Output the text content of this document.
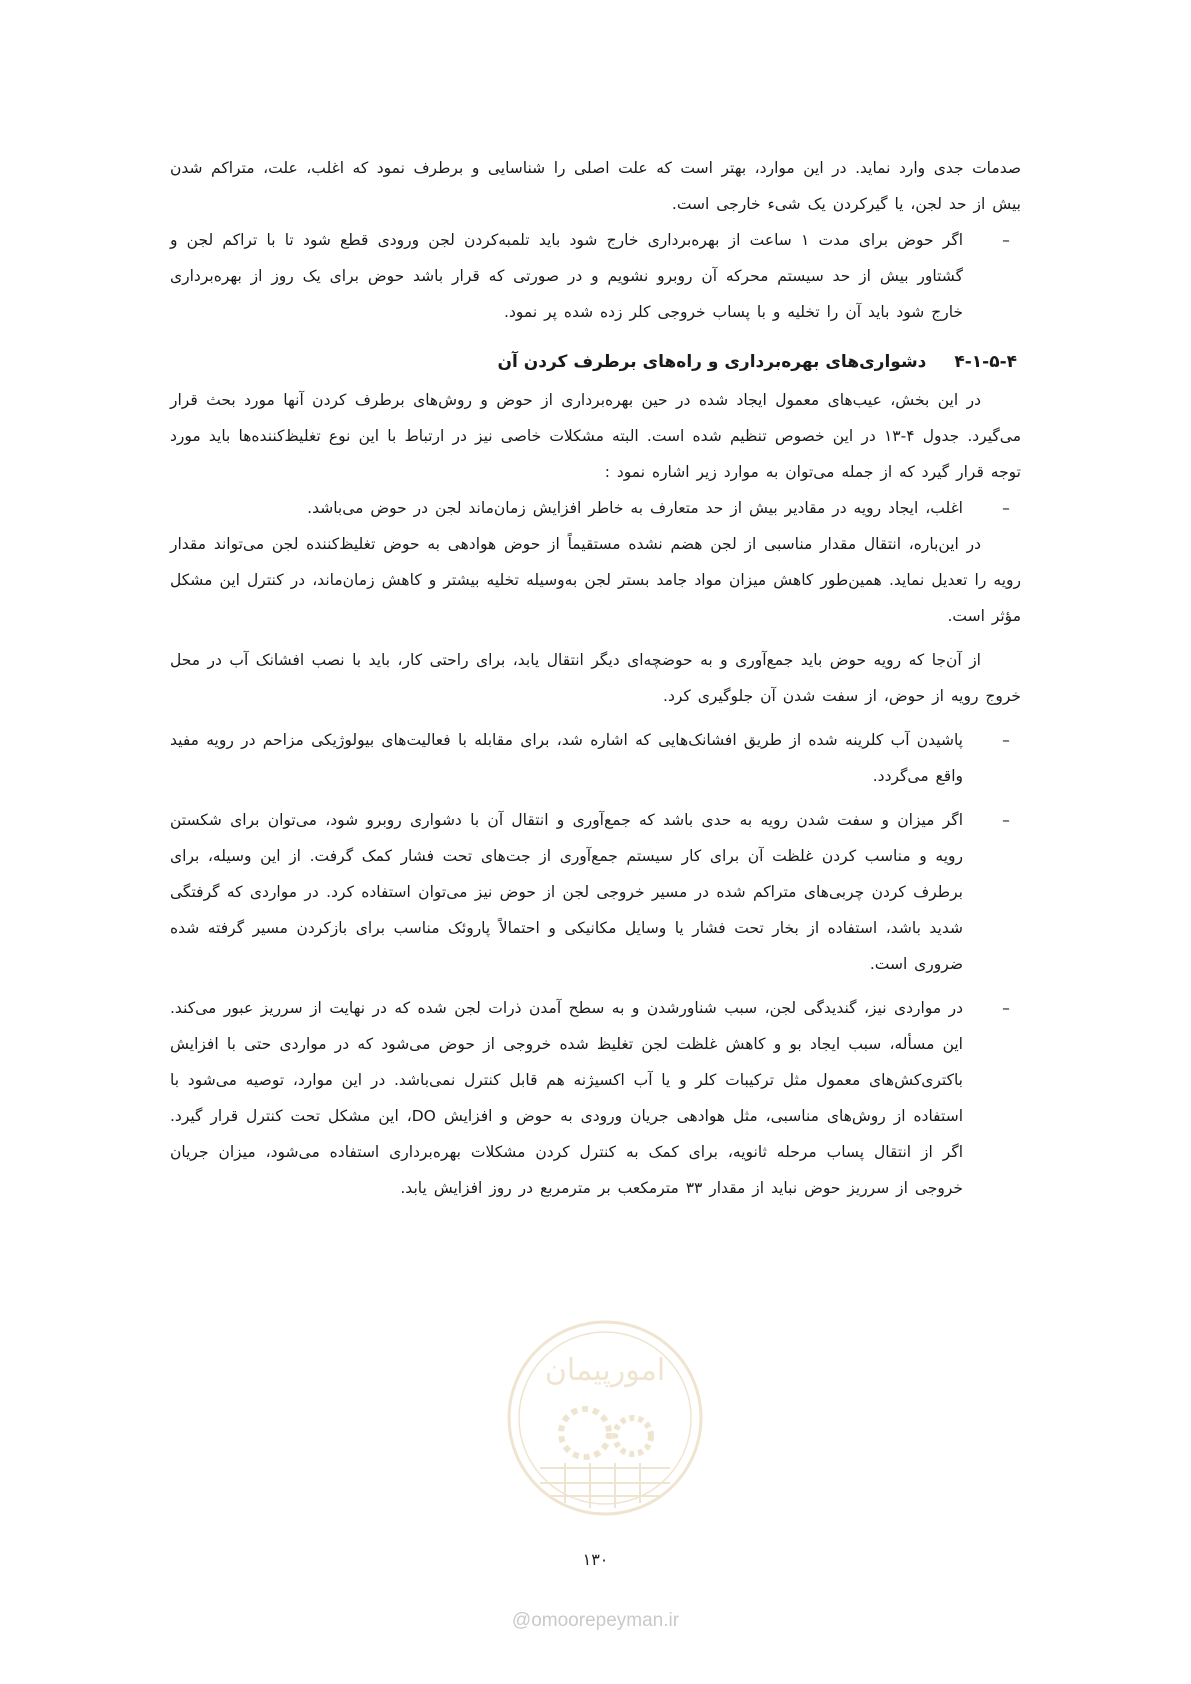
صدمات جدی وارد نماید. در این موارد، بهتر است که علت اصلی را شناسایی و برطرف نمود که اغلب، علت، متراکم شدن بیش از حد لجن، یا گیرکردن یک شیء خارجی است.

–
اگر حوض برای مدت ۱ ساعت از بهره‌برداری خارج شود باید تلمبه‌کردن لجن ورودی قطع شود تا با تراکم لجن و گشتاور بیش از حد سیستم محرکه آن روبرو نشویم و در صورتی که قرار باشد حوض برای یک روز از بهره‌برداری خارج شود باید آن را تخلیه و با پساب خروجی کلر زده شده پر نمود.
۴-۱-۵-۴ دشواری‌های بهره‌برداری و راه‌های برطرف کردن آن

در این بخش، عیب‌های معمول ایجاد شده در حین بهره‌برداری از حوض و روش‌های برطرف کردن آنها مورد بحث قرار می‌گیرد. جدول ۴-۱۳ در این خصوص تنظیم شده است. البته مشکلات خاصی نیز در ارتباط با این نوع تغلیظ‌کننده‌ها باید مورد توجه قرار گیرد که از جمله می‌توان به موارد زیر اشاره نمود :

–
اغلب، ایجاد رویه در مقادیر بیش از حد متعارف به خاطر افزایش زمان‌ماند لجن در حوض می‌باشد.

در این‌باره، انتقال مقدار مناسبی از لجن هضم نشده مستقیماً از حوض هوادهی به حوض تغلیظ‌کننده لجن می‌تواند مقدار رویه را تعدیل نماید. همین‌طور کاهش میزان مواد جامد بستر لجن به‌وسیله تخلیه بیشتر و کاهش زمان‌ماند، در کنترل این مشکل مؤثر است.

از آن‌جا که رویه حوض باید جمع‌آوری و به حوضچه‌ای دیگر انتقال یابد، برای راحتی کار، باید با نصب افشانک آب در محل خروج رویه از حوض، از سفت شدن آن جلوگیری کرد.

–
پاشیدن آب کلرینه شده از طریق افشانک‌هایی که اشاره شد، برای مقابله با فعالیت‌های بیولوژیکی مزاحم در رویه مفید واقع می‌گردد.
–
اگر میزان و سفت شدن رویه به حدی باشد که جمع‌آوری و انتقال آن با دشواری روبرو شود، می‌توان برای شکستن رویه و مناسب کردن غلظت آن برای کار سیستم جمع‌آوری از جت‌های تحت فشار کمک گرفت. از این وسیله، برای برطرف کردن چربی‌های متراکم شده در مسیر خروجی لجن از حوض نیز می‌توان استفاده کرد. در مواردی که گرفتگی شدید باشد، استفاده از بخار تحت فشار یا وسایل مکانیکی و احتمالاً پاروئک مناسب برای بازکردن مسیر گرفته شده ضروری است.
–
در مواردی نیز، گندیدگی لجن، سبب شناورشدن و به سطح آمدن ذرات لجن شده که در نهایت از سرریز عبور می‌کند. این مسأله، سبب ایجاد بو و کاهش غلظت لجن تغلیظ شده خروجی از حوض می‌شود که در مواردی حتی با افزایش باکتری‌کش‌های معمول مثل ترکیبات کلر و یا آب اکسیژنه هم قابل کنترل نمی‌باشد. در این موارد، توصیه می‌شود با استفاده از روش‌های مناسبی، مثل هوادهی جریان ورودی به حوض و افزایش DO، این مشکل تحت کنترل قرار گیرد. اگر از انتقال پساب مرحله ثانویه، برای کمک به کنترل کردن مشکلات بهره‌برداری استفاده می‌شود، میزان جریان خروجی از سرریز حوض نباید از مقدار ۳۳ مترمکعب بر مترمربع در روز افزایش یابد.
امورپیمان
۱۳۰
@omoorepeyman.ir
